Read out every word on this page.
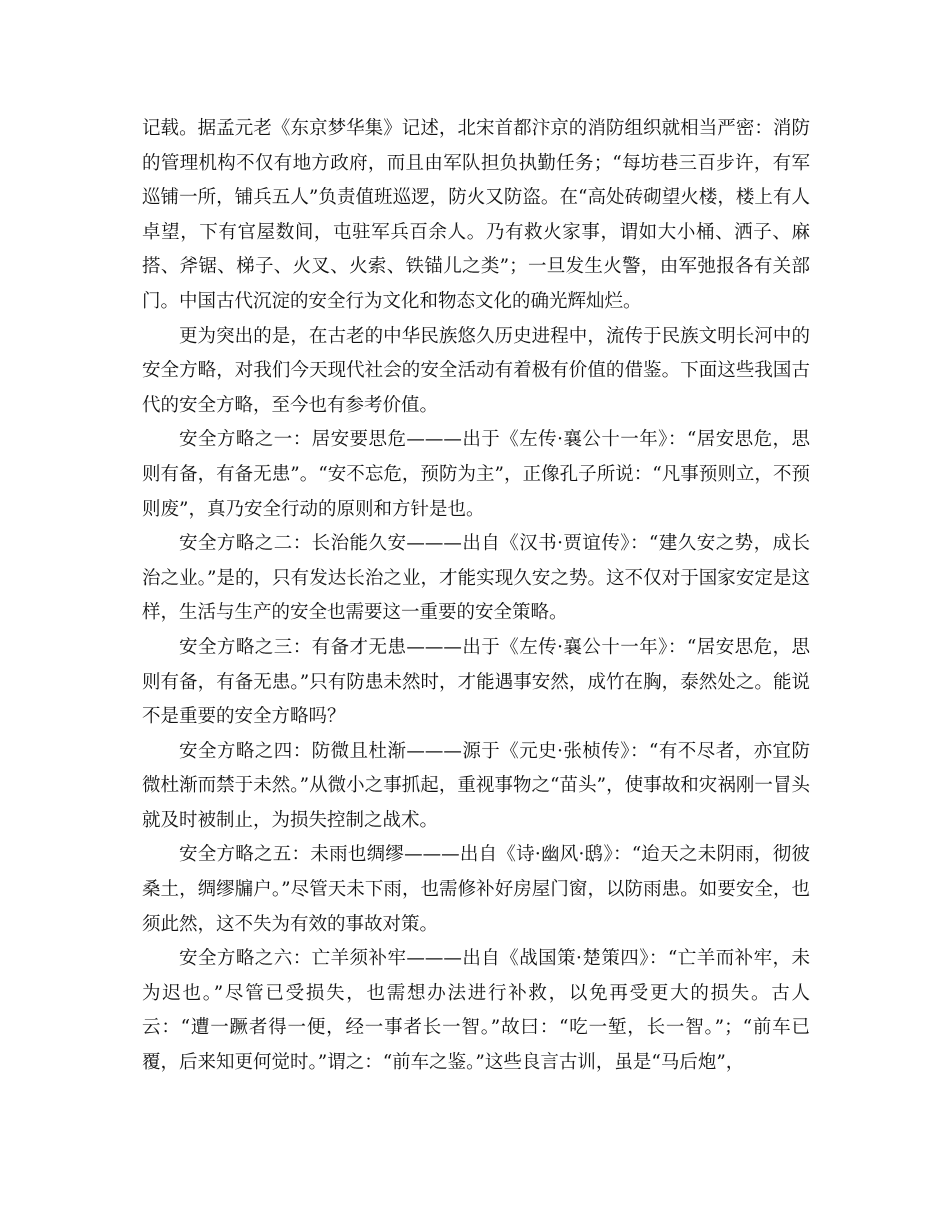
记载。据孟元老《东京梦华集》记述，北宋首都汴京的消防组织就相当严密：消防的管理机构不仅有地方政府，而且由军队担负执勤任务；“每坊巷三百步许，有军巡铺一所，铺兵五人”负责值班巡逻，防火又防盗。在“高处砖砌望火楼，楼上有人卓望，下有官屋数间，屯驻军兵百余人。乃有救火家事，谓如大小桶、洒子、麻搭、斧锯、梯子、火叉、火索、铁锚儿之类”；一旦发生火警，由军弛报各有关部门。中国古代沉淀的安全行为文化和物态文化的确光辉灿烂。

更为突出的是，在古老的中华民族悠久历史进程中，流传于民族文明长河中的安全方略，对我们今天现代社会的安全活动有着极有价值的借鉴。下面这些我国古代的安全方略，至今也有参考价值。

安全方略之一：居安要思危———出于《左传·襄公十一年》：“居安思危，思则有备，有备无患”。“安不忘危，预防为主”，正像孔子所说：“凡事预则立，不预则废”，真乃安全行动的原则和方针是也。

安全方略之二：长治能久安———出自《汉书·贾谊传》：“建久安之势，成长治之业。”是的，只有发达长治之业，才能实现久安之势。这不仅对于国家安定是这样，生活与生产的安全也需要这一重要的安全策略。

安全方略之三：有备才无患———出于《左传·襄公十一年》：“居安思危，思则有备，有备无患。”只有防患未然时，才能遇事安然，成竹在胸，泰然处之。能说不是重要的安全方略吗？

安全方略之四：防微且杜渐———源于《元史·张桢传》：“有不尽者，亦宜防微杜渐而禁于未然。”从微小之事抓起，重视事物之“苗头”，使事故和灾祸刚一冒头就及时被制止，为损失控制之战术。

安全方略之五：未雨也绸缪———出自《诗·幽风·鸱》：“迨天之未阴雨，彻彼桑土，绸缪牖户。”尽管天未下雨，也需修补好房屋门窗，以防雨患。如要安全，也须此然，这不失为有效的事故对策。

安全方略之六：亡羊须补牢———出自《战国策·楚策四》：“亡羊而补牢，未为迟也。”尽管已受损失，也需想办法进行补救，以免再受更大的损失。古人云：“遭一蹶者得一便，经一事者长一智。”故曰：“吃一堑，长一智。”；“前车已覆，后来知更何觉时。”谓之：“前车之鉴。”这些良言古训，虽是“马后炮”，
